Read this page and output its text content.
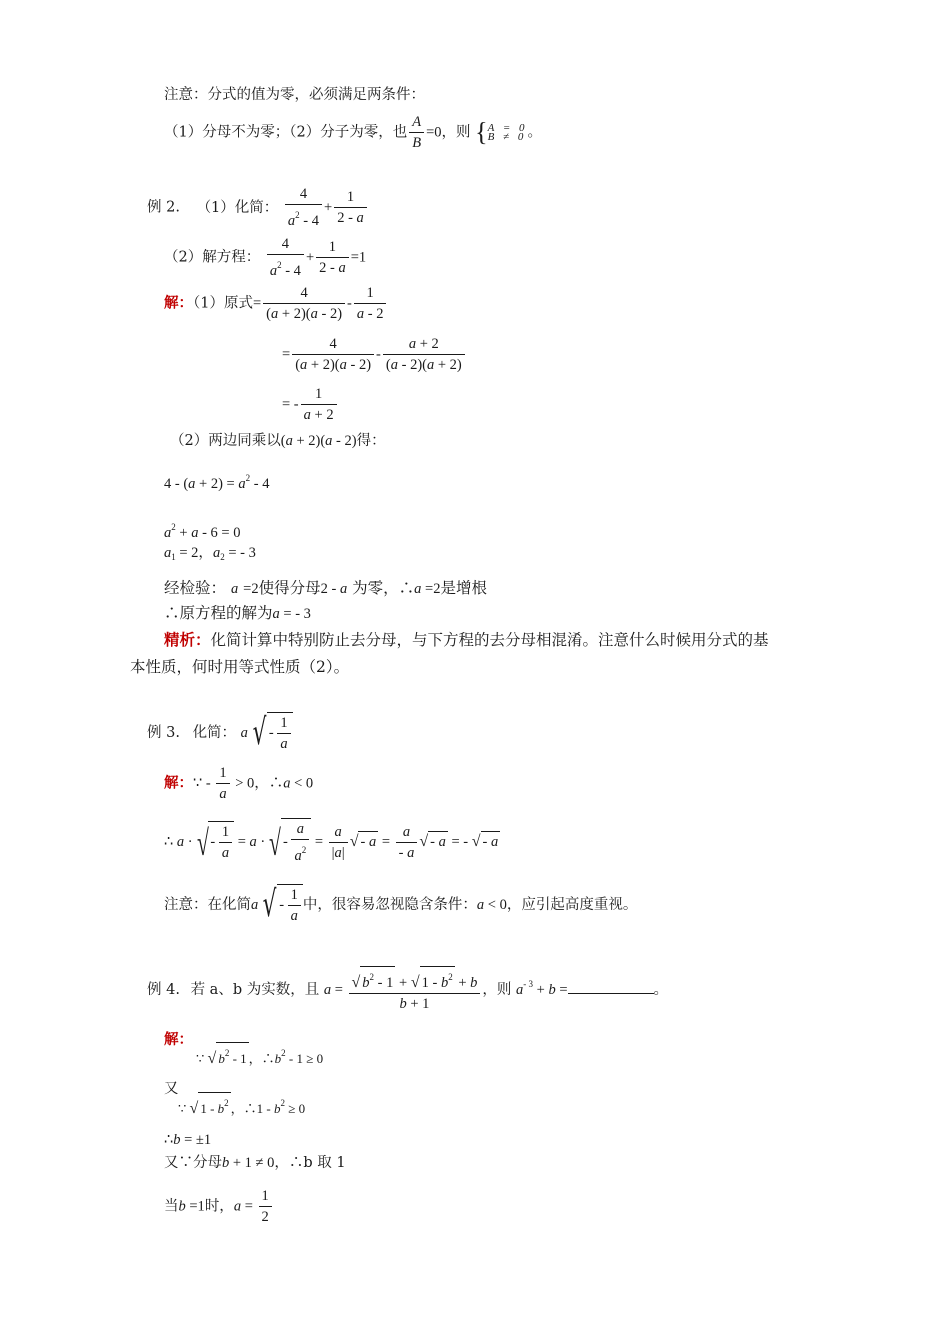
注意：分式的值为零，必须满足两条件：
（1）分母不为零；（2）分子为零，也 $\frac{A}{B} =0$，则 {A = 0
B ≠ 0。
例 2. （1）化简： $\frac{4}{a^2 - 4} + \frac{1}{2 - a}$
（2）解方程： $\frac{4}{a^2 - 4} + \frac{1}{2 - a} =1$
解：（1）原式= $\frac{4}{(a + 2)(a - 2)} - \frac{1}{a - 2}$
= $\frac{4}{(a + 2)(a - 2)} - \frac{a + 2}{(a - 2)(a + 2)}$
= - $\frac{1}{a + 2}$
（2）两边同乘以(a + 2)(a - 2)得：
$4 - (a + 2) = a^2 - 4$
$a^2 + a - 6 = 0$
$a_1 = 2$，$a_2$ = - 3
经检验： a =2使得分母2 - a 为零，∴a =2是增根
∴原方程的解为a = - 3
精析：化简计算中特别防止去分母，与下方程的去分母相混淆。注意什么时候用分式的基
本性质，何时用等式性质（2）。
例 3. 化简： a √ - $\frac{1}{a}$
解：∵ - $\frac{1}{a} > 0$，∴a < 0
∴ a · √ - $\frac{1}{a} = a$ · √ - $\frac{a}{a^2} = \frac{a}{|a|}$ √ - $a = \frac{a}{- a}$ √ - a = - √ - a
注意：在化简a √ - $\frac{1}{a}$ 中，很容易忽视隐含条件：a < 0，应引起高度重视。
例 4. 若 a、b 为实数，且 $a = \frac{√ b^2 - 1 + √ 1 - b^2 + b}{b + 1}$ ，则 $a^{- 3} + b$ =	。
解：
∵ √ $b^2 - 1$ ，$\therefore b^2 - 1 \ge 0$
又
∵ √ $1 - b^2$ ，∴1 - $b^2 \ge 0$
∴b = ±1
又∵分母b + 1 ≠ 0，∴b 取 1
当b =1时，$a = \frac{1}{2}$
